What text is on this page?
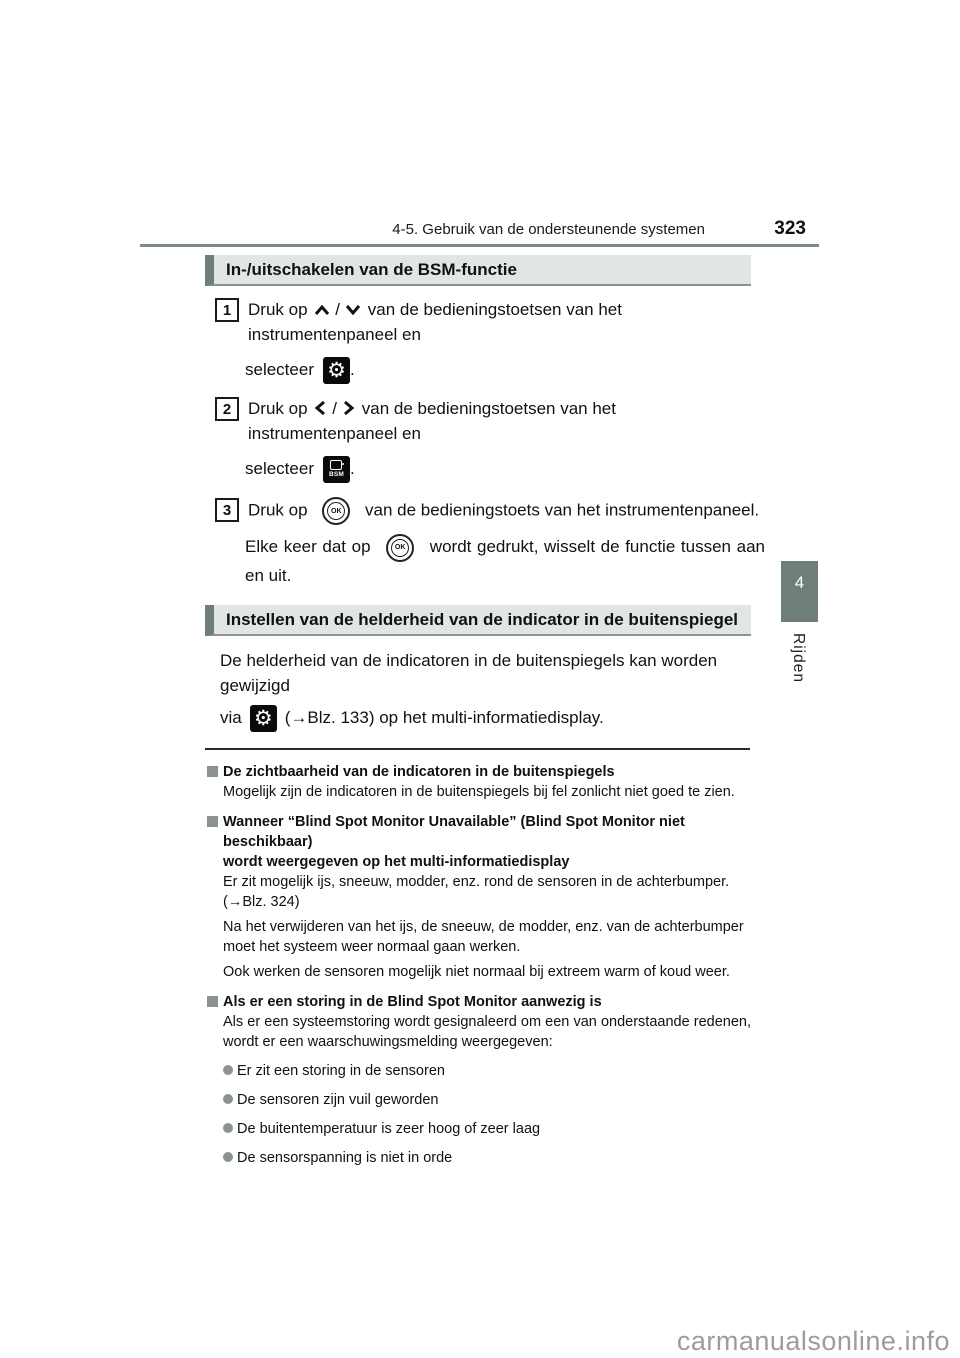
4-5. Gebruik van de ondersteunende systemen	323
In-/uitschakelen van de BSM-functie
1 Druk op / van de bedieningstoetsen van het instrumentenpaneel en
selecteer ⚙ .
2 Druk op / van de bedieningstoetsen van het instrumentenpaneel en
selecteer BSM .
3 Druk op	OK van de bedieningstoets van het instrumentenpaneel.
Elke keer dat op	OK wordt gedrukt, wisselt de functie tussen aan en uit.
Instellen van de helderheid van de indicator in de buitenspiegel
De helderheid van de indicatoren in de buitenspiegels kan worden gewijzigd
via ⚙ (→Blz. 133) op het multi-informatiedisplay.
De zichtbaarheid van de indicatoren in de buitenspiegels

Mogelijk zijn de indicatoren in de buitenspiegels bij fel zonlicht niet goed te zien.

Wanneer “Blind Spot Monitor Unavailable” (Blind Spot Monitor niet beschikbaar)
wordt weergegeven op het multi-informatiedisplay

Er zit mogelijk ijs, sneeuw, modder, enz. rond de sensoren in de achterbumper.

(→Blz. 324)

Na het verwijderen van het ijs, de sneeuw, de modder, enz. van de achterbumper moet het systeem weer normaal gaan werken.

Ook werken de sensoren mogelijk niet normaal bij extreem warm of koud weer.

Als er een storing in de Blind Spot Monitor aanwezig is

Als er een systeemstoring wordt gesignaleerd om een van onderstaande redenen, wordt er een waarschuwingsmelding weergegeven:

Er zit een storing in de sensoren
De sensoren zijn vuil geworden
De buitentemperatuur is zeer hoog of zeer laag
De sensorspanning is niet in orde
4
Rijden
carmanualsonline.info
